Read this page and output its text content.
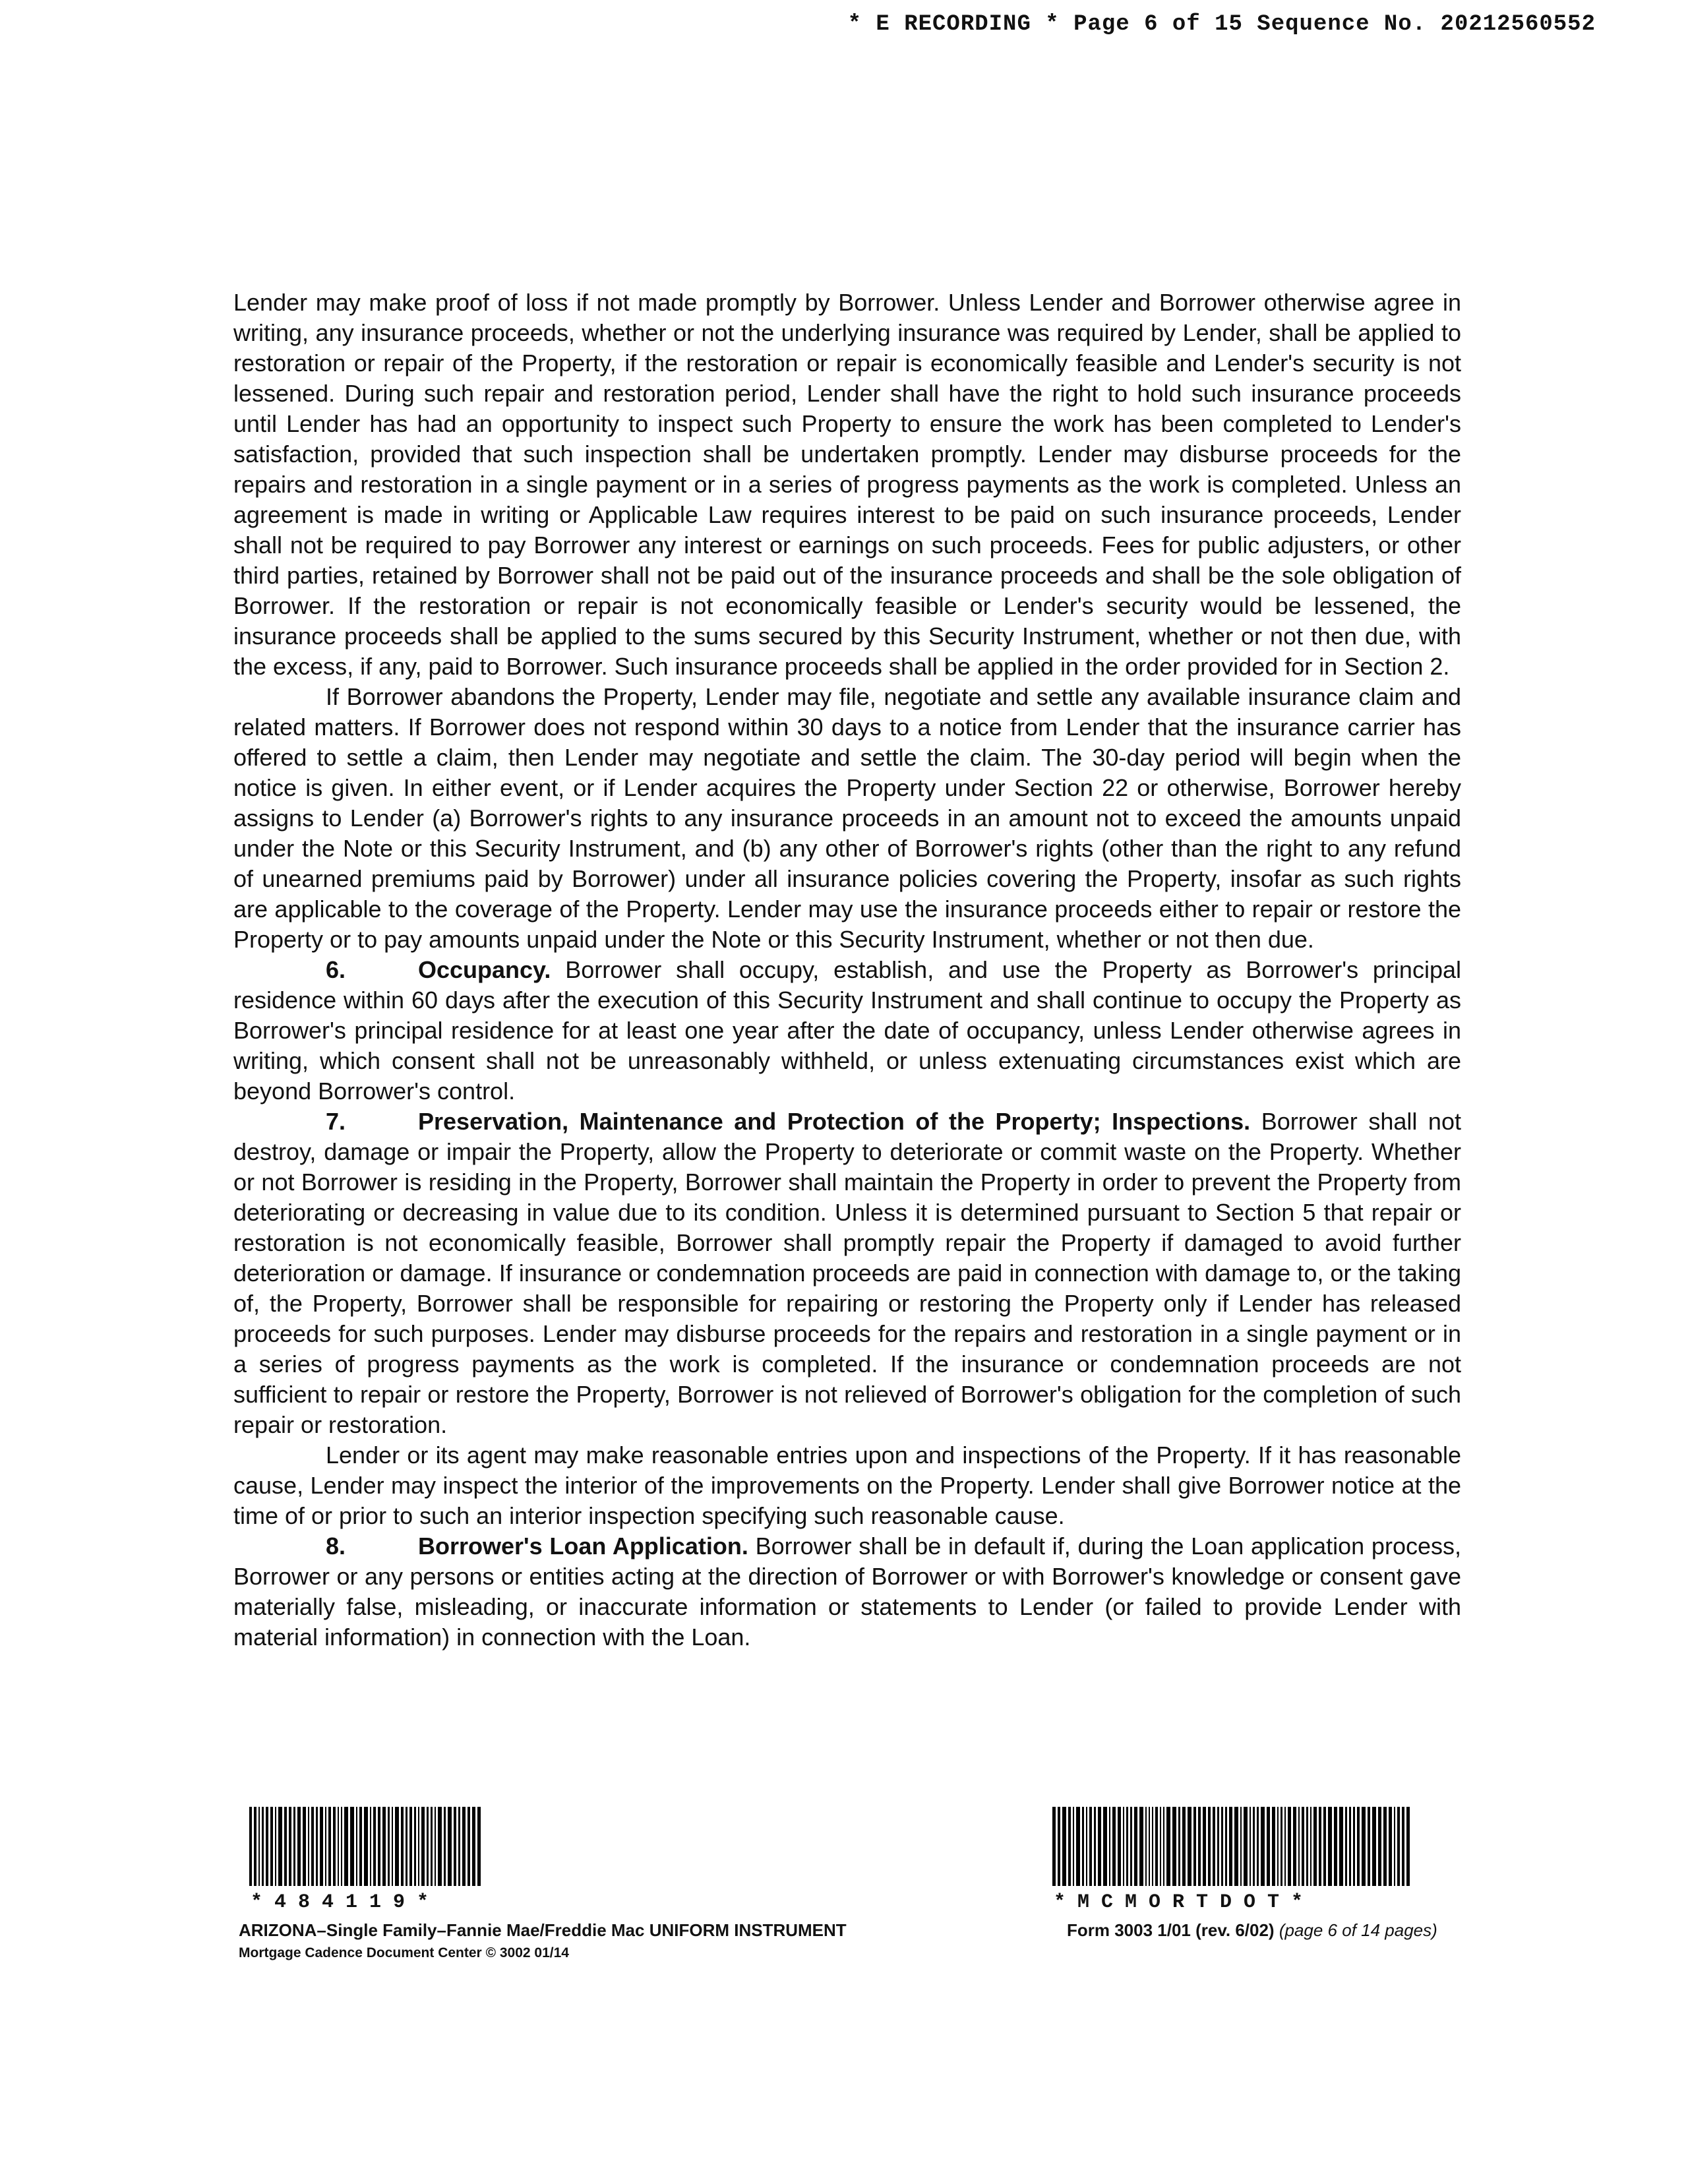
* E RECORDING * Page 6 of 15 Sequence No. 20212560552

Lender may make proof of loss if not made promptly by Borrower. Unless Lender and Borrower otherwise agree in writing, any insurance proceeds, whether or not the underlying insurance was required by Lender, shall be applied to restoration or repair of the Property, if the restoration or repair is economically feasible and Lender's security is not lessened. During such repair and restoration period, Lender shall have the right to hold such insurance proceeds until Lender has had an opportunity to inspect such Property to ensure the work has been completed to Lender's satisfaction, provided that such inspection shall be undertaken promptly. Lender may disburse proceeds for the repairs and restoration in a single payment or in a series of progress payments as the work is completed. Unless an agreement is made in writing or Applicable Law requires interest to be paid on such insurance proceeds, Lender shall not be required to pay Borrower any interest or earnings on such proceeds. Fees for public adjusters, or other third parties, retained by Borrower shall not be paid out of the insurance proceeds and shall be the sole obligation of Borrower. If the restoration or repair is not economically feasible or Lender's security would be lessened, the insurance proceeds shall be applied to the sums secured by this Security Instrument, whether or not then due, with the excess, if any, paid to Borrower. Such insurance proceeds shall be applied in the order provided for in Section 2.

If Borrower abandons the Property, Lender may file, negotiate and settle any available insurance claim and related matters. If Borrower does not respond within 30 days to a notice from Lender that the insurance carrier has offered to settle a claim, then Lender may negotiate and settle the claim. The 30-day period will begin when the notice is given. In either event, or if Lender acquires the Property under Section 22 or otherwise, Borrower hereby assigns to Lender (a) Borrower's rights to any insurance proceeds in an amount not to exceed the amounts unpaid under the Note or this Security Instrument, and (b) any other of Borrower's rights (other than the right to any refund of unearned premiums paid by Borrower) under all insurance policies covering the Property, insofar as such rights are applicable to the coverage of the Property. Lender may use the insurance proceeds either to repair or restore the Property or to pay amounts unpaid under the Note or this Security Instrument, whether or not then due.

6.	Occupancy. Borrower shall occupy, establish, and use the Property as Borrower's principal residence within 60 days after the execution of this Security Instrument and shall continue to occupy the Property as Borrower's principal residence for at least one year after the date of occupancy, unless Lender otherwise agrees in writing, which consent shall not be unreasonably withheld, or unless extenuating circumstances exist which are beyond Borrower's control.

7.	Preservation, Maintenance and Protection of the Property; Inspections. Borrower shall not destroy, damage or impair the Property, allow the Property to deteriorate or commit waste on the Property. Whether or not Borrower is residing in the Property, Borrower shall maintain the Property in order to prevent the Property from deteriorating or decreasing in value due to its condition. Unless it is determined pursuant to Section 5 that repair or restoration is not economically feasible, Borrower shall promptly repair the Property if damaged to avoid further deterioration or damage. If insurance or condemnation proceeds are paid in connection with damage to, or the taking of, the Property, Borrower shall be responsible for repairing or restoring the Property only if Lender has released proceeds for such purposes. Lender may disburse proceeds for the repairs and restoration in a single payment or in a series of progress payments as the work is completed. If the insurance or condemnation proceeds are not sufficient to repair or restore the Property, Borrower is not relieved of Borrower's obligation for the completion of such repair or restoration.

Lender or its agent may make reasonable entries upon and inspections of the Property. If it has reasonable cause, Lender may inspect the interior of the improvements on the Property. Lender shall give Borrower notice at the time of or prior to such an interior inspection specifying such reasonable cause.

8.	Borrower's Loan Application. Borrower shall be in default if, during the Loan application process, Borrower or any persons or entities acting at the direction of Borrower or with Borrower's knowledge or consent gave materially false, misleading, or inaccurate information or statements to Lender (or failed to provide Lender with material information) in connection with the Loan.

*484119*	*MCMORTDOT*
ARIZONA–Single Family–Fannie Mae/Freddie Mac UNIFORM INSTRUMENT
Mortgage Cadence Document Center © 3002 01/14
Form 3003 1/01 (rev. 6/02) (page 6 of 14 pages)
